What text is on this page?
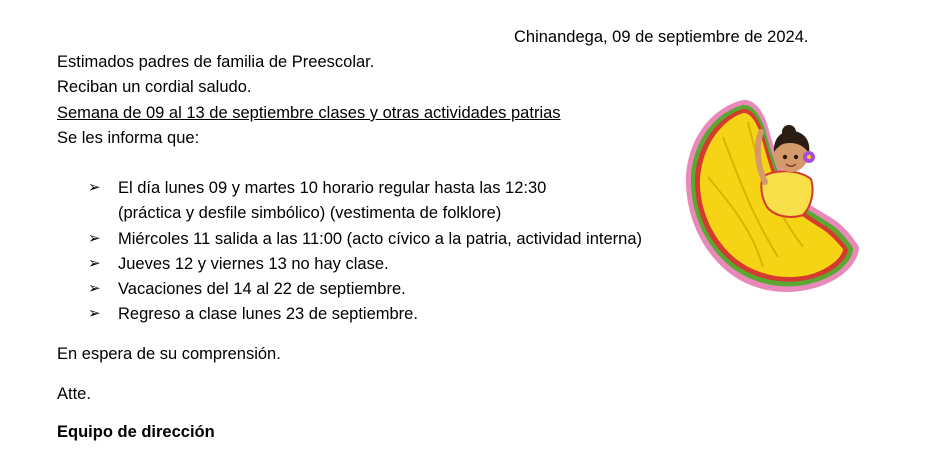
Chinandega, 09 de septiembre de 2024.
Estimados padres de familia de Preescolar.
Reciban un cordial saludo.
Semana de 09 al 13 de septiembre clases y otras actividades patrias
Se les informa que:
➢ El día lunes 09 y martes 10 horario regular hasta las 12:30
(práctica y desfile simbólico) (vestimenta de folklore)
➢ Miércoles 11 salida a las 11:00 (acto cívico a la patria, actividad interna)
➢ Jueves 12 y viernes 13 no hay clase.
➢ Vacaciones del 14 al 22 de septiembre.
➢ Regreso a clase lunes 23 de septiembre.
En espera de su comprensión.
Atte.
Equipo de dirección
